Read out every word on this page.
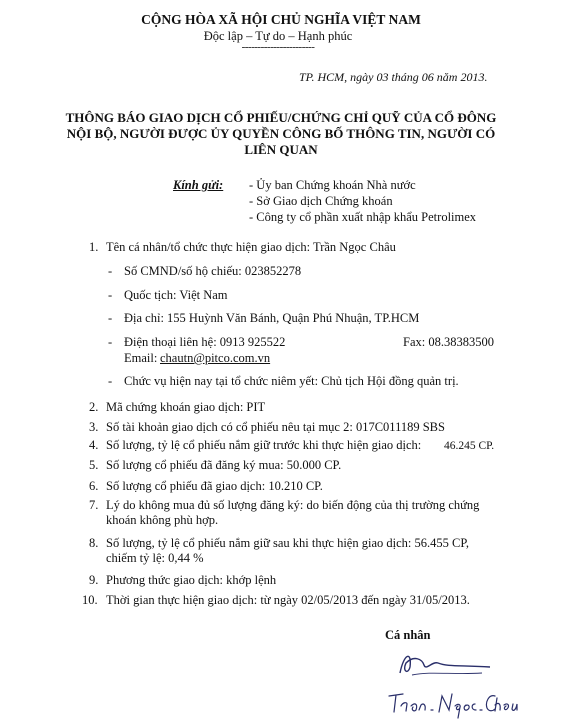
CỘNG HÒA XÃ HỘI CHỦ NGHĨA VIỆT NAM
Độc lập – Tự do – Hạnh phúc
-----------------------
TP. HCM, ngày 03 tháng 06 năm 2013.
THÔNG BÁO GIAO DỊCH CỔ PHIẾU/CHỨNG CHỈ QUỸ CỦA CỔ ĐÔNG
NỘI BỘ, NGƯỜI ĐƯỢC ỦY QUYỀN CÔNG BỐ THÔNG TIN, NGƯỜI CÓ
LIÊN QUAN
Kính gửi: - Ủy ban Chứng khoán Nhà nước
- Sở Giao dịch Chứng khoán
- Công ty cổ phần xuất nhập khẩu Petrolimex
1. Tên cá nhân/tổ chức thực hiện giao dịch: Trần Ngọc Châu
- Số CMND/số hộ chiếu: 023852278
- Quốc tịch: Việt Nam
- Địa chỉ: 155 Huỳnh Văn Bánh, Quận Phú Nhuận, TP.HCM
- Điện thoại liên hệ: 0913 925522	Fax: 08.38383500
Email: chautn@pitco.com.vn
- Chức vụ hiện nay tại tổ chức niêm yết: Chủ tịch Hội đồng quản trị.
2. Mã chứng khoán giao dịch: PIT
3. Số tài khoản giao dịch có cổ phiếu nêu tại mục 2: 017C011189 SBS
4. Số lượng, tỷ lệ cổ phiếu nắm giữ trước khi thực hiện giao dịch: 46.245 CP.
5. Số lượng cổ phiếu đã đăng ký mua: 50.000 CP.
6. Số lượng cổ phiếu đã giao dịch: 10.210 CP.
7. Lý do không mua đủ số lượng đăng ký: do biến động của thị trường chứng
khoán không phù hợp.
8. Số lượng, tỷ lệ cổ phiếu nắm giữ sau khi thực hiện giao dịch: 56.455 CP,
chiếm tỷ lệ: 0,44 %
9. Phương thức giao dịch: khớp lệnh
10. Thời gian thực hiện giao dịch: từ ngày 02/05/2013 đến ngày 31/05/2013.
Cá nhân
